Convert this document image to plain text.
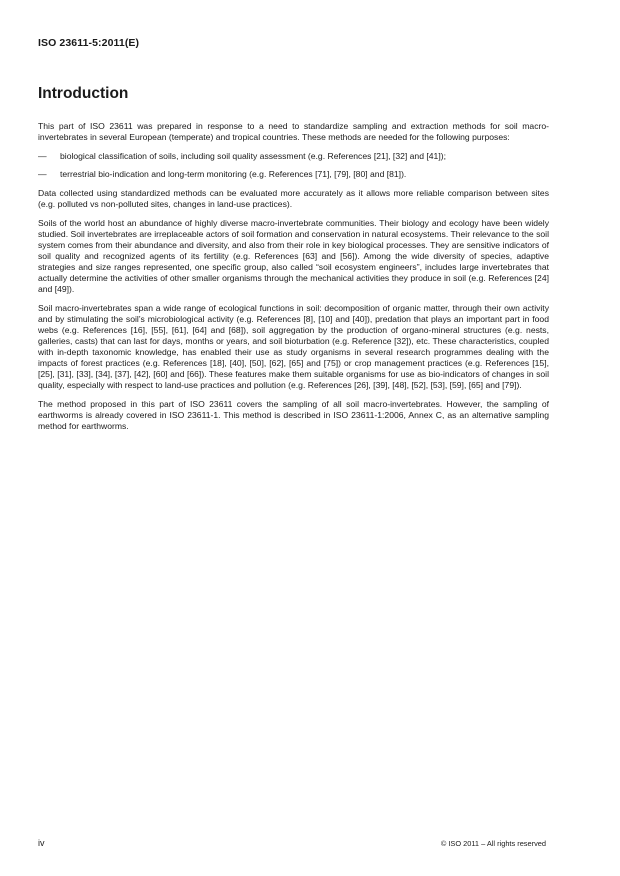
ISO 23611-5:2011(E)
Introduction

This part of ISO 23611 was prepared in response to a need to standardize sampling and extraction methods for soil macro-invertebrates in several European (temperate) and tropical countries. These methods are needed for the following purposes:

—	biological classification of soils, including soil quality assessment (e.g. References [21], [32] and [41]);
—	terrestrial bio-indication and long-term monitoring (e.g. References [71], [79], [80] and [81]).

Data collected using standardized methods can be evaluated more accurately as it allows more reliable comparison between sites (e.g. polluted vs non-polluted sites, changes in land-use practices).

Soils of the world host an abundance of highly diverse macro-invertebrate communities. Their biology and ecology have been widely studied. Soil invertebrates are irreplaceable actors of soil formation and conservation in natural ecosystems. Their relevance to the soil system comes from their abundance and diversity, and also from their role in key biological processes. They are sensitive indicators of soil quality and recognized agents of its fertility (e.g. References [63] and [56]). Among the wide diversity of species, adaptive strategies and size ranges represented, one specific group, also called “soil ecosystem engineers”, includes large invertebrates that actually determine the activities of other smaller organisms through the mechanical activities they produce in soil (e.g. References [24] and [49]).

Soil macro-invertebrates span a wide range of ecological functions in soil: decomposition of organic matter, through their own activity and by stimulating the soil’s microbiological activity (e.g. References [8], [10] and [40]), predation that plays an important part in food webs (e.g. References [16], [55], [61], [64] and [68]), soil aggregation by the production of organo-mineral structures (e.g. nests, galleries, casts) that can last for days, months or years, and soil bioturbation (e.g. Reference [32]), etc. These characteristics, coupled with in-depth taxonomic knowledge, has enabled their use as study organisms in several research programmes dealing with the impacts of forest practices (e.g. References [18], [40], [50], [62], [65] and [75]) or crop management practices (e.g. References [15], [25], [31], [33], [34], [37], [42], [60] and [66]). These features make them suitable organisms for use as bio-indicators of changes in soil quality, especially with respect to land-use practices and pollution (e.g. References [26], [39], [48], [52], [53], [59], [65] and [79]).

The method proposed in this part of ISO 23611 covers the sampling of all soil macro-invertebrates. However, the sampling of earthworms is already covered in ISO 23611-1. This method is described in ISO 23611-1:2006, Annex C, as an alternative sampling method for earthworms.

iv	© ISO 2011 – All rights reserved
